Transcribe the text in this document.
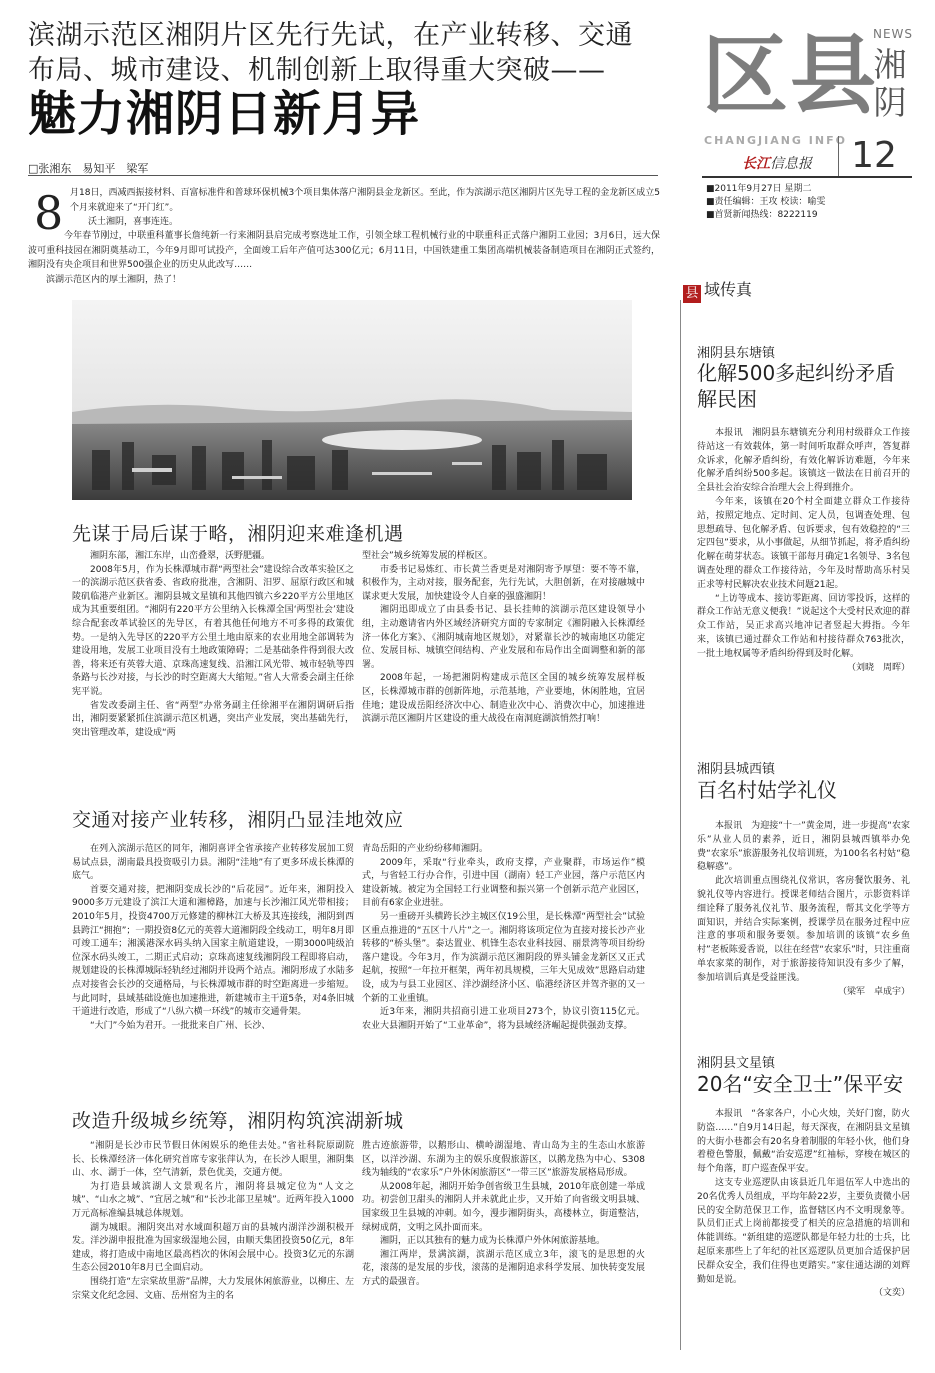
滨湖示范区湘阴片区先行先试，在产业转移、交通布局、城市建设、机制创新上取得重大突破——
魅力湘阴日新月异
□张湘东　易知平　梁军
区县
NEWS
湘阴
CHANGJIANG INFO
长江信息报	12
■2011年9月27日 星期二
■责任编辑：王攻 校读：喻雯
■首贤新闻热线：8222119
8 月18日，西减西振接材料、百富标准件和普球环保机械3个项目集体落户湘阴县金龙新区。至此，作为滨湖示范区湘阴片区先导工程的金龙新区成立5个月来就迎来了“开门红”。

沃土湘阴，喜事连连。

今年春节刚过，中联重科董事长詹纯新一行来湘阴县启完成考察选址工作，引领全球工程机械行业的中联重科正式落户湘阴工业园；3月6日，远大保波可重科技园在湘阴奠基动工，今年9月即可试投产，全面竣工后年产值可达300亿元；6月11日，中国铁建重工集团高端机械装备制造项目在湘阴正式签约，湘阴没有央企项目和世界500强企业的历史从此改写……

滨湖示范区内的厚土湘阴，热了！

先谋于局后谋于略，湘阴迎来难逢机遇

湘阴东部，湘江东岸，山峦叠翠，沃野肥疆。

2008年5月，作为长株潭城市群“两型社会”建设综合改革实验区之一的滨湖示范区获省委、省政府批准，含湘阴、汨罗、屈原行政区和城陵矶临港产业新区。湘阴县城文星镇和其他四镇六乡220平方公里地区成为其重要组团。“湘阴有220平方公里纳入长株潭全国‘两型社会’建设综合配套改革试验区的先导区，有着其他任何地方不可多得的政策优势。一是纳入先导区的220平方公里土地由原来的农业用地全部调转为建设用地，发展工业项目没有土地政策障碍；二是基础条件得到很大改善，将来还有英蓉大道、京珠高速复线、沿湘江风光带、城市轻轨等四条路与长沙对接，与长沙的时空距离大大缩短。”省人大常委会副主任徐宪平说。

省发改委副主任、省“两型”办常务副主任徐湘平在湘阴调研后指出，湘阴要紧紧抓住滨湖示范区机遇，突出产业发展，突出基础先行，突出管理改革，建设成“两

型社会”城乡统筹发展的样板区。

市委书记易炼红、市长黄兰香更是对湘阴寄予厚望：要不等不靠，积极作为，主动对接，服务配套，先行先试，大胆创新，在对接融城中谋求更大发展，加快建设令人自豪的强盛湘阴！

湘阴迅即成立了由县委书记、县长挂帅的滨湖示范区建设领导小组，主动邀请省内外区域经济研究方面的专家制定《湘阴融入长株潭经济一体化方案》、《湘阴城南地区规划》，对紧靠长沙的城南地区功能定位、发展目标、城镇空间结构、产业发展和布局作出全面调整和新的部署。

2008年起，一场把湘阴构建成示范区全国的城乡统筹发展样板区，长株潭城市群的创新阵地，示范基地，产业要地，休闲胜地，宜居佳地；建设成岳阳经济次中心、制造业次中心、消费次中心，加速推进滨湖示范区湘阴片区建设的重大战役在南洞庭湖滨悄然打响！

交通对接产业转移，湘阴凸显洼地效应

在列入滨湖示范区的同年，湘阴喜评全省承接产业转移发展加工贸易试点县，湖南最具投资吸引力县。湘阴“洼地”有了更多环成长株潭的底气。

首要交通对接，把湘阴变成长沙的“后花园”。近年来，湘阴投入9000多万元建设了滨江大道和湘樟路，加速与长沙湘江风光带相接；2010年5月，投资4700万元修建的柳林江大桥及其连接线，湘阴到西县跨江“拥抱”；一期投资8亿元的英蓉大道湘阴段全线动工，明年8月即可竣工通车；湘溪港深水码头纳入国家主航道建设，一期3000吨级泊位深水码头竣工，二期正式启动；京珠高速复线湘阴段工程即将启动，规划建设的长株潭城际轻轨经过湘阴并设两个站点。湘阴形成了水陆多点对接省会长沙的交通格局，与长株潭城市群的时空距离进一步缩短。与此同时，县域基础设施也加速推进，新建城市主干道5条，对4条旧城干道进行改造，形成了“八纵六横一环线”的城市交通骨架。

“大门”今始为君开。一批批来自广州、长沙、

青岛岳阳的产业纷纷移师湘阴。

2009年，采取“行业牵头，政府支撑，产业聚群，市场运作”模式，与省轻工行办合作，引进中国（湖南）轻工产业园，落户示范区内建设新城。被定为全国轻工行业调整和振兴第一个创新示范产业园区，目前有6家企业进驻。

另一重磅开头横跨长沙主城区仅19公里，是长株潭“两型社会”试验区重点推进的“五区十八片”之一。湘阴将该项定位为直接对接长沙产业转移的“桥头堡”。泰达置业、机锋生态农业科技园、丽景湾等项目纷纷落户建设。今年3月，作为滨湖示范区湘阴段的界头铺金龙新区又正式起航，按照“一年拉开框架，两年初具规模，三年大见成效”思路启动建设，成为与县工业园区、洋沙湖经济小区、临港经济区并驾齐驱的又一个新的工业重镇。

近3年来，湘阴共招商引进工业项目273个，协议引资115亿元。农业大县湘阴开始了“工业革命”，将为县域经济崛起提供强劲支撑。

改造升级城乡统筹，湘阴构筑滨湖新城

“湘阴是长沙市民节假日休闲娱乐的绝佳去处。”省社科院原副院长、长株潭经济一体化研究首席专家张萍认为，在长沙人眼里，湘阴集山、水、湖于一体，空气清新，景色优美，交通方便。

为打造县域滨湖人文景观名片，湘阴将县城定位为“人文之城”、“山水之城”、“宜居之城”和“长沙北部卫星城”。近两年投入1000万元高标准编县城总体规划。

湖为城眼。湘阴突出对水域面积超万亩的县城内湖洋沙湖积极开发。洋沙湖申报批准为国家级湿地公园，由顺天集团投资50亿元，8年建成，将打造成中南地区最高档次的休闲会展中心。投资3亿元的东湖生态公园2010年8月已全面启动。

围绕打造“左宗棠故里游”品牌，大力发展休闲旅游业，以柳庄、左宗棠文化纪念园、文庙、岳州窑为主的名

胜古迹旅游带，以鹅形山、横岭湖湿地、青山岛为主的生态山水旅游区，以洋沙湖、东湖为主的娱乐度假旅游区，以鹅龙热为中心、S308线为轴线的“农家乐”户外休闲旅游区“一带三区”旅游发展格局形成。

从2008年起，湘阴开始争创省级卫生县城，2010年底创建一举成功。初尝创卫甜头的湘阴人并未就此止步，又开始了向省级文明县城、国家级卫生县城的冲刺。如今，漫步湘阴街头，高楼林立，街道整洁，绿树成荫，文明之风扑面而来。

湘阴，正以其独有的魅力成为长株潭户外休闲旅游基地。

湘江两岸，景满滨湖，滨湖示范区成立3年，滚飞的是思想的火花，滚荡的是发展的步伐，滚荡的是湘阴追求科学发展、加快转变发展方式的最强音。

县 域传真
湘阴县东塘镇
化解500多起纠纷矛盾解民困

本报讯　湘阴县东塘镇充分利用村级群众工作接待站这一有效载体，第一时间听取群众呼声，答复群众诉求，化解矛盾纠纷，有效化解诉访难题，今年来化解矛盾纠纷500多起。该镇这一做法在日前召开的全县社会治安综合治理大会上得到推介。

今年来，该镇在20个村全面建立群众工作接待站，按照定地点、定时间、定人员，包调查处理、包思想疏导、包化解矛盾、包诉要求，包有效稳控的“三定四包”要求，从小事做起，从细节抓起，将矛盾纠纷化解在萌芽状态。该镇干部每月确定1名领导、3名包调查处理的群众工作接待站，今年及时帮助高乐村吴正求等村民解决农业技术问题21起。

“上访等成本、接访零距离、回访零投诉，这样的群众工作站无意义便我！”说起这个大受村民欢迎的群众工作站，吴正求高兴地冲记者竖起大拇指。今年来，该镇已通过群众工作站和村接待群众763批次，一批土地权属等矛盾纠纷得到及时化解。

（刘晓　周晖）
湘阴县城西镇
百名村姑学礼仪

本报讯　为迎接“十一”黄金周，进一步提高“农家乐”从业人员的素养，近日，湘阴县城西镇举办免费“农家乐”旅游服务礼仪培训班，为100名名村姑“稳稳解惑”。

此次培训重点围绕礼仪常识，客房餐饮服务、礼貌礼仪等内容进行。授课老师结合图片，示影资料详细诠释了服务礼仪礼节、服务流程，帮其文化学等方面知识，并结合实际案例，授课学员在服务过程中应注意的事项和服务要领。参加培训的该镇“农乡鱼村”老板陈爱香说，以往在经营“农家乐”时，只注重商单农家菜的制作，对于旅游接待知识没有多少了解，参加培训后真是受益匪浅。

（梁军　卓成宇）
湘阴县文星镇
20名“安全卫士”保平安

本报讯　“各家各户，小心火烛，关好门窗，防火防盗……”自9月14日起，每天深夜，在湘阴县文星镇的大街小巷都会有20名身着制服的年轻小伙，他们身着橙色警服，佩戴“治安巡逻”红袖标，穿梭在城区的每个角落，盯户巡查保平安。

这支专业巡逻队由该县近几年退伍军人中选出的20名优秀人员组成，平均年龄22岁，主要负责微小居民的安全防范保卫工作，监督辖区内不文明现象等。队员们正式上岗前都接受了相关的应急措施的培训和体能训练。“新组建的巡逻队都是年轻力壮的士兵，比起原来那些上了年纪的社区巡逻队员更加合适保护居民群众安全，我们住得也更踏实。”家住通达湖的刘辉勤如是说。

（文奕）
